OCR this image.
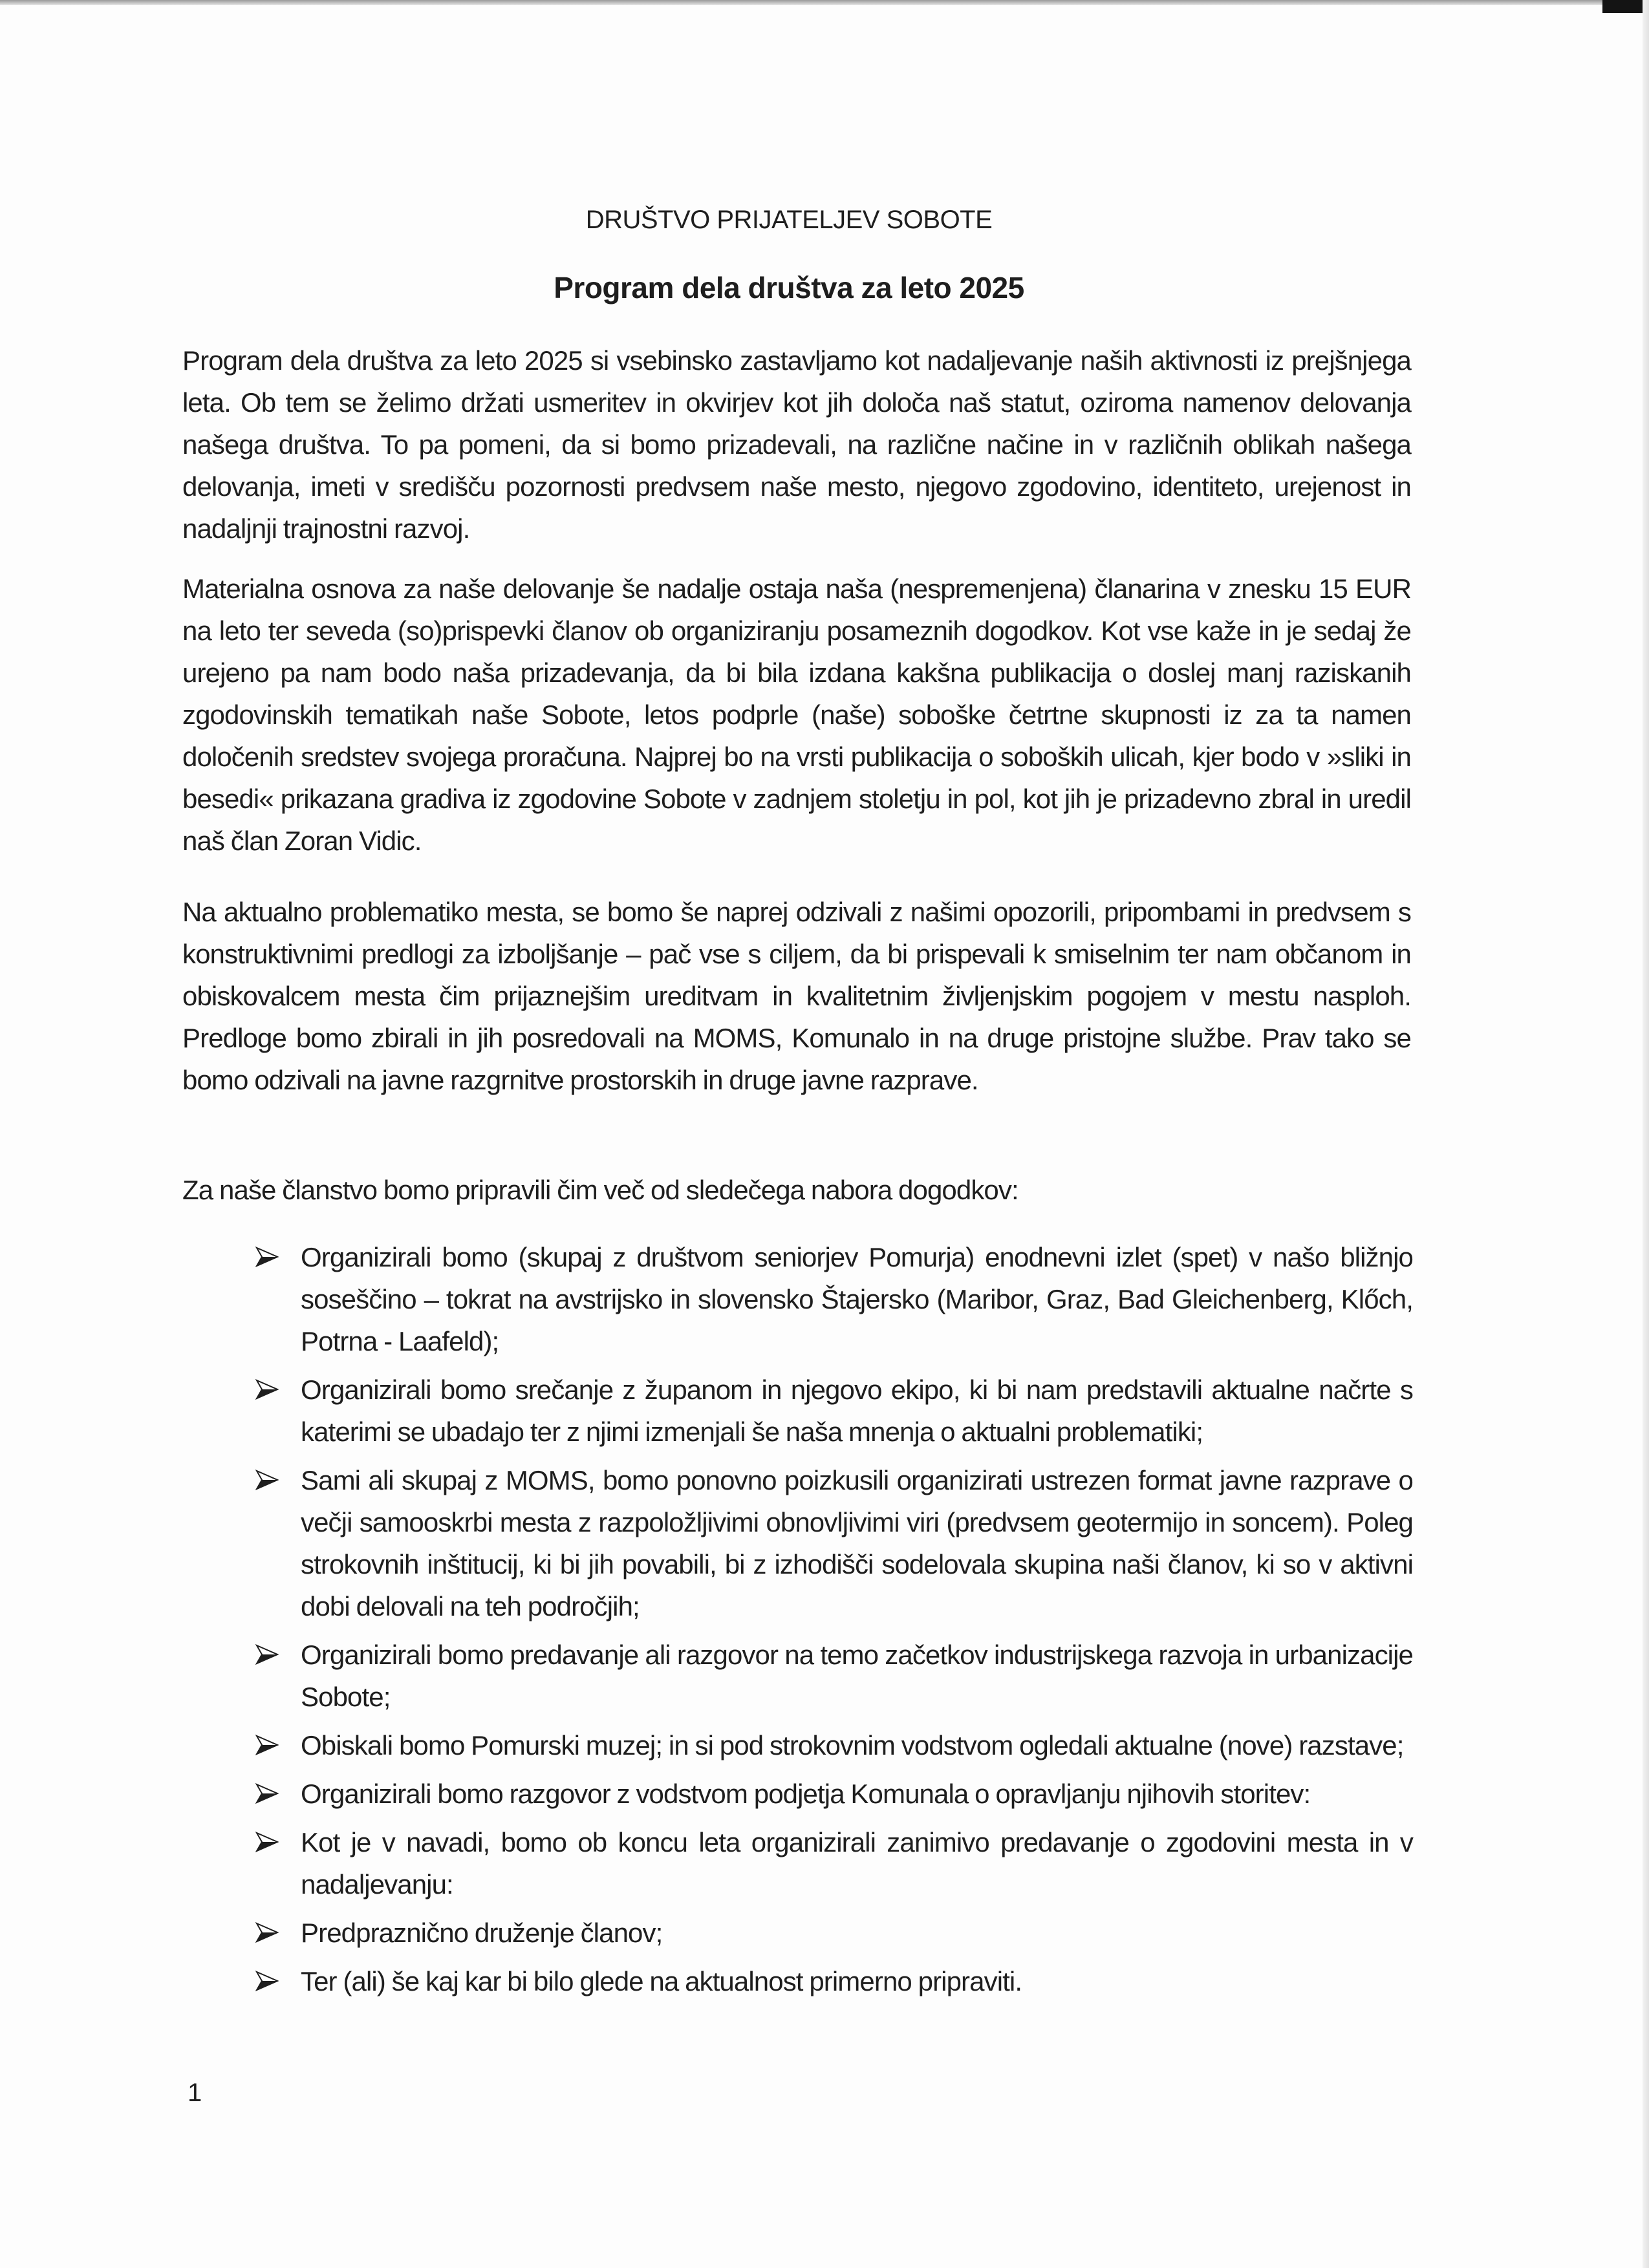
DRUŠTVO PRIJATELJEV SOBOTE
Program dela društva za leto 2025

Program dela društva za leto 2025 si vsebinsko zastavljamo kot nadaljevanje naših aktivnosti iz prejšnjega leta. Ob tem se želimo držati usmeritev in okvirjev kot jih določa naš statut, oziroma namenov delovanja našega društva. To pa pomeni, da si bomo prizadevali, na različne načine in v različnih oblikah našega delovanja, imeti v središču pozornosti predvsem naše mesto, njegovo zgodovino, identiteto, urejenost in nadaljnji trajnostni razvoj.

Materialna osnova za naše delovanje še nadalje ostaja naša (nespremenjena) članarina v znesku 15 EUR na leto ter seveda (so)prispevki članov ob organiziranju posameznih dogodkov. Kot vse kaže in je sedaj že urejeno pa nam bodo naša prizadevanja, da bi bila izdana kakšna publikacija o doslej manj raziskanih zgodovinskih tematikah naše Sobote, letos podprle (naše) soboške četrtne skupnosti iz za ta namen določenih sredstev svojega proračuna. Najprej bo na vrsti publikacija o soboških ulicah, kjer bodo v »sliki in besedi« prikazana gradiva iz zgodovine Sobote v zadnjem stoletju in pol, kot jih je prizadevno zbral in uredil naš član Zoran Vidic.

Na aktualno problematiko mesta, se bomo še naprej odzivali z našimi opozorili, pripombami in predvsem s konstruktivnimi predlogi za izboljšanje – pač vse s ciljem, da bi prispevali k smiselnim ter nam občanom in obiskovalcem mesta čim prijaznejšim ureditvam in kvalitetnim življenjskim pogojem v mestu nasploh. Predloge bomo zbirali in jih posredovali na MOMS, Komunalo in na druge pristojne službe. Prav tako se bomo odzivali na javne razgrnitve prostorskih in druge javne razprave.

Za naše članstvo bomo pripravili čim več od sledečega nabora dogodkov:

Organizirali bomo (skupaj z društvom seniorjev Pomurja) enodnevni izlet (spet) v našo bližnjo soseščino – tokrat na avstrijsko in slovensko Štajersko (Maribor, Graz, Bad Gleichenberg, Klőch, Potrna - Laafeld);
Organizirali bomo srečanje z županom in njegovo ekipo, ki bi nam predstavili aktualne načrte s katerimi se ubadajo ter z njimi izmenjali še naša mnenja o aktualni problematiki;
Sami ali skupaj z MOMS, bomo ponovno poizkusili organizirati ustrezen format javne razprave o večji samooskrbi mesta z razpoložljivimi obnovljivimi viri (predvsem geotermijo in soncem). Poleg strokovnih inštitucij, ki bi jih povabili, bi z izhodišči sodelovala skupina naši članov, ki so v aktivni dobi delovali na teh področjih;
Organizirali bomo predavanje ali razgovor na temo začetkov industrijskega razvoja in urbanizacije Sobote;
Obiskali bomo Pomurski muzej; in si pod strokovnim vodstvom ogledali aktualne (nove) razstave;
Organizirali bomo razgovor z vodstvom podjetja Komunala o opravljanju njihovih storitev:
Kot je v navadi, bomo ob koncu leta organizirali zanimivo predavanje o zgodovini mesta in v nadaljevanju:
Predpraznično druženje članov;
Ter (ali) še kaj kar bi bilo glede na aktualnost primerno pripraviti.
1
